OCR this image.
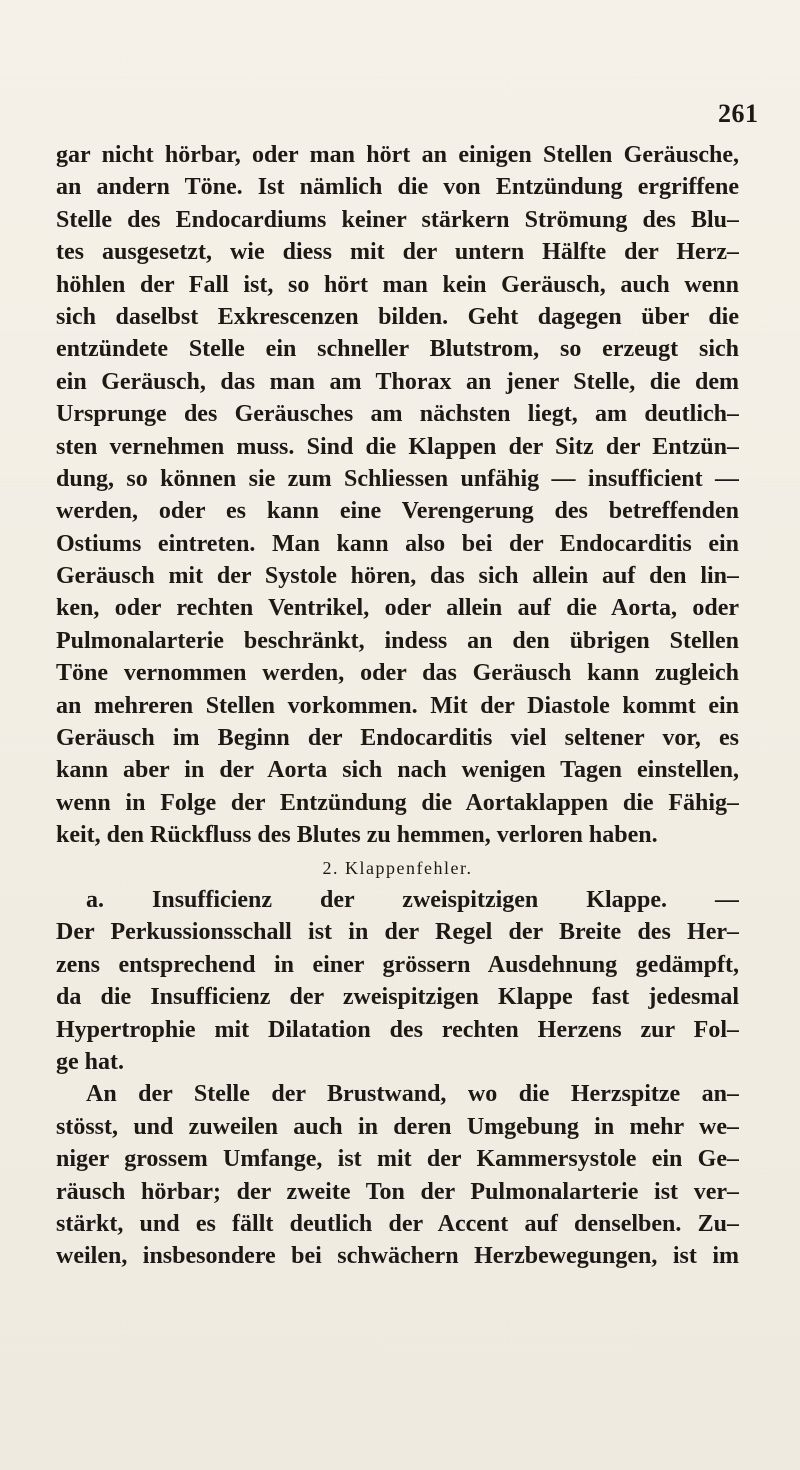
261
gar nicht hörbar, oder man hört an einigen Stellen Geräusche,
an andern Töne. Ist nämlich die von Entzündung ergriffene
Stelle des Endocardiums keiner stärkern Strömung des Blu–
tes ausgesetzt, wie diess mit der untern Hälfte der Herz–
höhlen der Fall ist, so hört man kein Geräusch, auch wenn
sich daselbst Exkrescenzen bilden. Geht dagegen über die
entzündete Stelle ein schneller Blutstrom, so erzeugt sich
ein Geräusch, das man am Thorax an jener Stelle, die dem
Ursprunge des Geräusches am nächsten liegt, am deutlich–
sten vernehmen muss. Sind die Klappen der Sitz der Entzün–
dung, so können sie zum Schliessen unfähig — insufficient —
werden, oder es kann eine Verengerung des betreffenden
Ostiums eintreten. Man kann also bei der Endocarditis ein
Geräusch mit der Systole hören, das sich allein auf den lin–
ken, oder rechten Ventrikel, oder allein auf die Aorta, oder
Pulmonalarterie beschränkt, indess an den übrigen Stellen
Töne vernommen werden, oder das Geräusch kann zugleich
an mehreren Stellen vorkommen. Mit der Diastole kommt ein
Geräusch im Beginn der Endocarditis viel seltener vor, es
kann aber in der Aorta sich nach wenigen Tagen einstellen,
wenn in Folge der Entzündung die Aortaklappen die Fähig–
keit, den Rückfluss des Blutes zu hemmen, verloren haben.
2. Klappenfehler.
a. Insufficienz der zweispitzigen Klappe. —
Der Perkussionsschall ist in der Regel der Breite des Her–
zens entsprechend in einer grössern Ausdehnung gedämpft,
da die Insufficienz der zweispitzigen Klappe fast jedesmal
Hypertrophie mit Dilatation des rechten Herzens zur Fol–
ge hat.
An der Stelle der Brustwand, wo die Herzspitze an–
stösst, und zuweilen auch in deren Umgebung in mehr we–
niger grossem Umfange, ist mit der Kammersystole ein Ge–
räusch hörbar; der zweite Ton der Pulmonalarterie ist ver–
stärkt, und es fällt deutlich der Accent auf denselben. Zu–
weilen, insbesondere bei schwächern Herzbewegungen, ist im
